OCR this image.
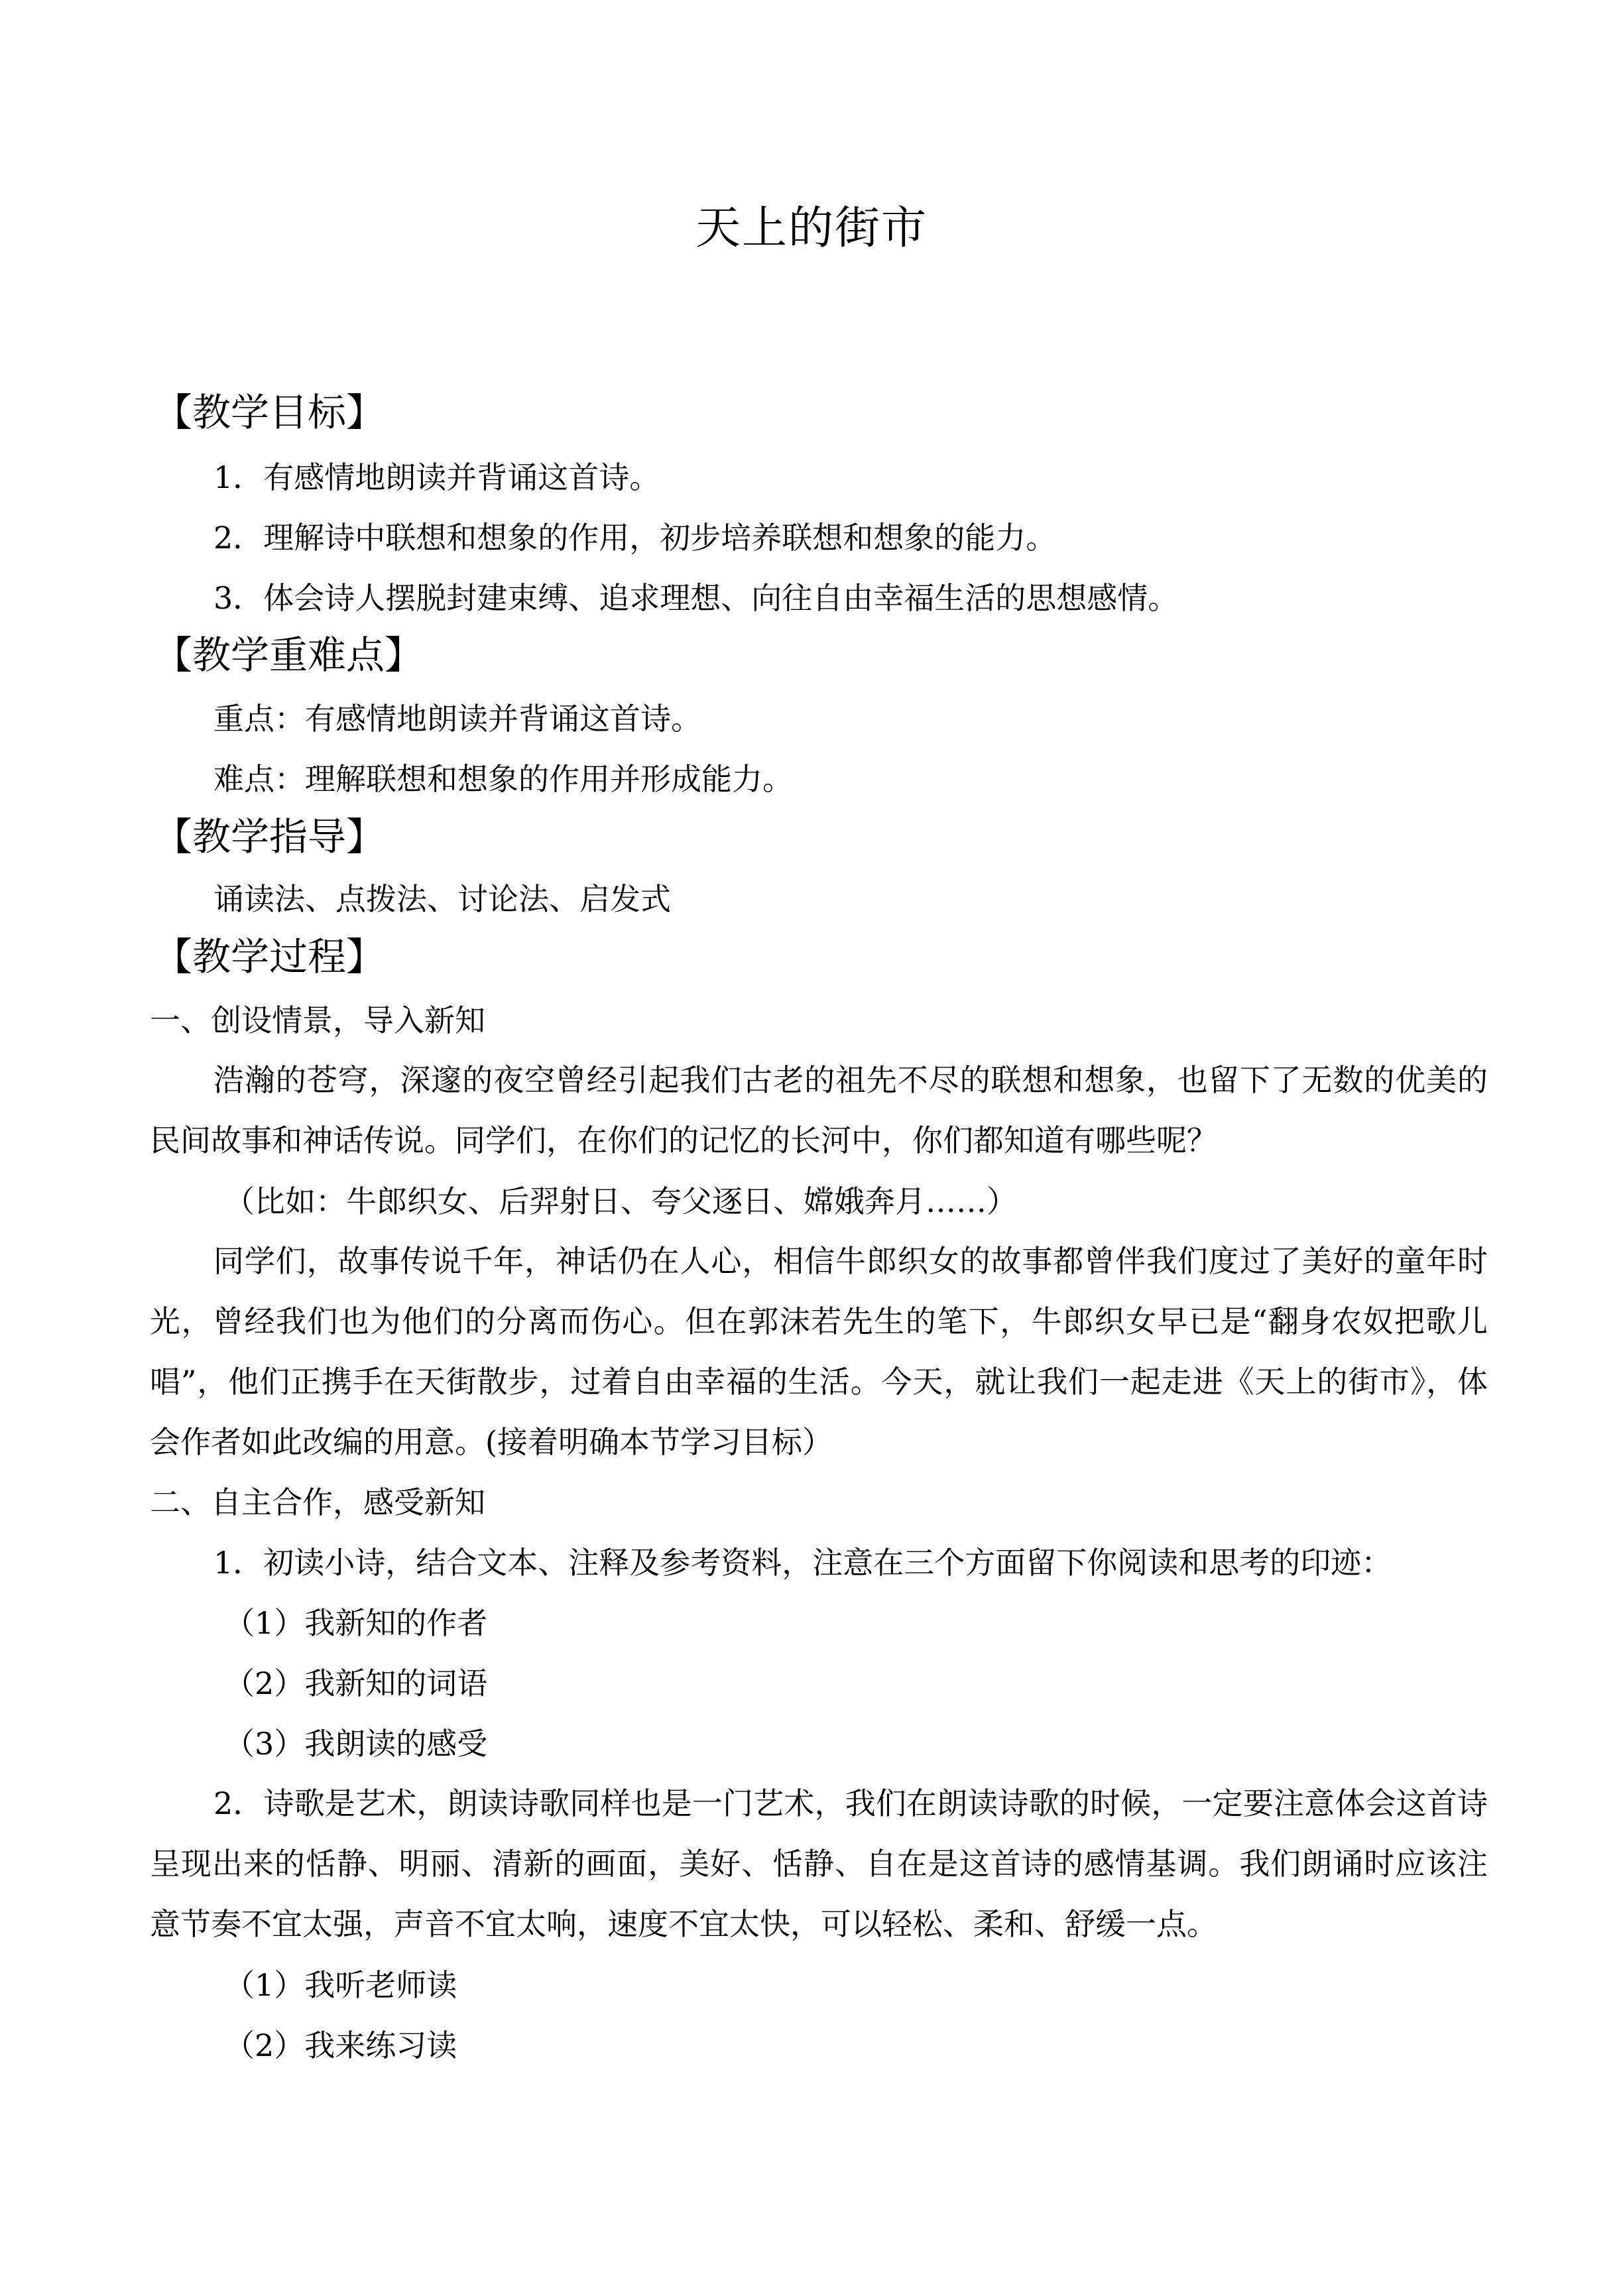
天上的街市
【教学目标】
1．有感情地朗读并背诵这首诗。
2．理解诗中联想和想象的作用，初步培养联想和想象的能力。
3．体会诗人摆脱封建束缚、追求理想、向往自由幸福生活的思想感情。
【教学重难点】
重点：有感情地朗读并背诵这首诗。
难点：理解联想和想象的作用并形成能力。
【教学指导】
诵读法、点拨法、讨论法、启发式
【教学过程】
一、创设情景，导入新知
浩瀚的苍穹，深邃的夜空曾经引起我们古老的祖先不尽的联想和想象，也留下了无数的优美的民间故事和神话传说。同学们，在你们的记忆的长河中，你们都知道有哪些呢？
（比如：牛郎织女、后羿射日、夸父逐日、嫦娥奔月……）
同学们，故事传说千年，神话仍在人心，相信牛郎织女的故事都曾伴我们度过了美好的童年时光，曾经我们也为他们的分离而伤心。但在郭沫若先生的笔下，牛郎织女早已是“翻身农奴把歌儿唱”，他们正携手在天街散步，过着自由幸福的生活。今天，就让我们一起走进《天上的街市》，体会作者如此改编的用意。(接着明确本节学习目标）
二、自主合作，感受新知
1．初读小诗，结合文本、注释及参考资料，注意在三个方面留下你阅读和思考的印迹：
（1）我新知的作者
（2）我新知的词语
（3）我朗读的感受
2．诗歌是艺术，朗读诗歌同样也是一门艺术，我们在朗读诗歌的时候，一定要注意体会这首诗呈现出来的恬静、明丽、清新的画面，美好、恬静、自在是这首诗的感情基调。我们朗诵时应该注意节奏不宜太强，声音不宜太响，速度不宜太快，可以轻松、柔和、舒缓一点。
（1）我听老师读
（2）我来练习读
